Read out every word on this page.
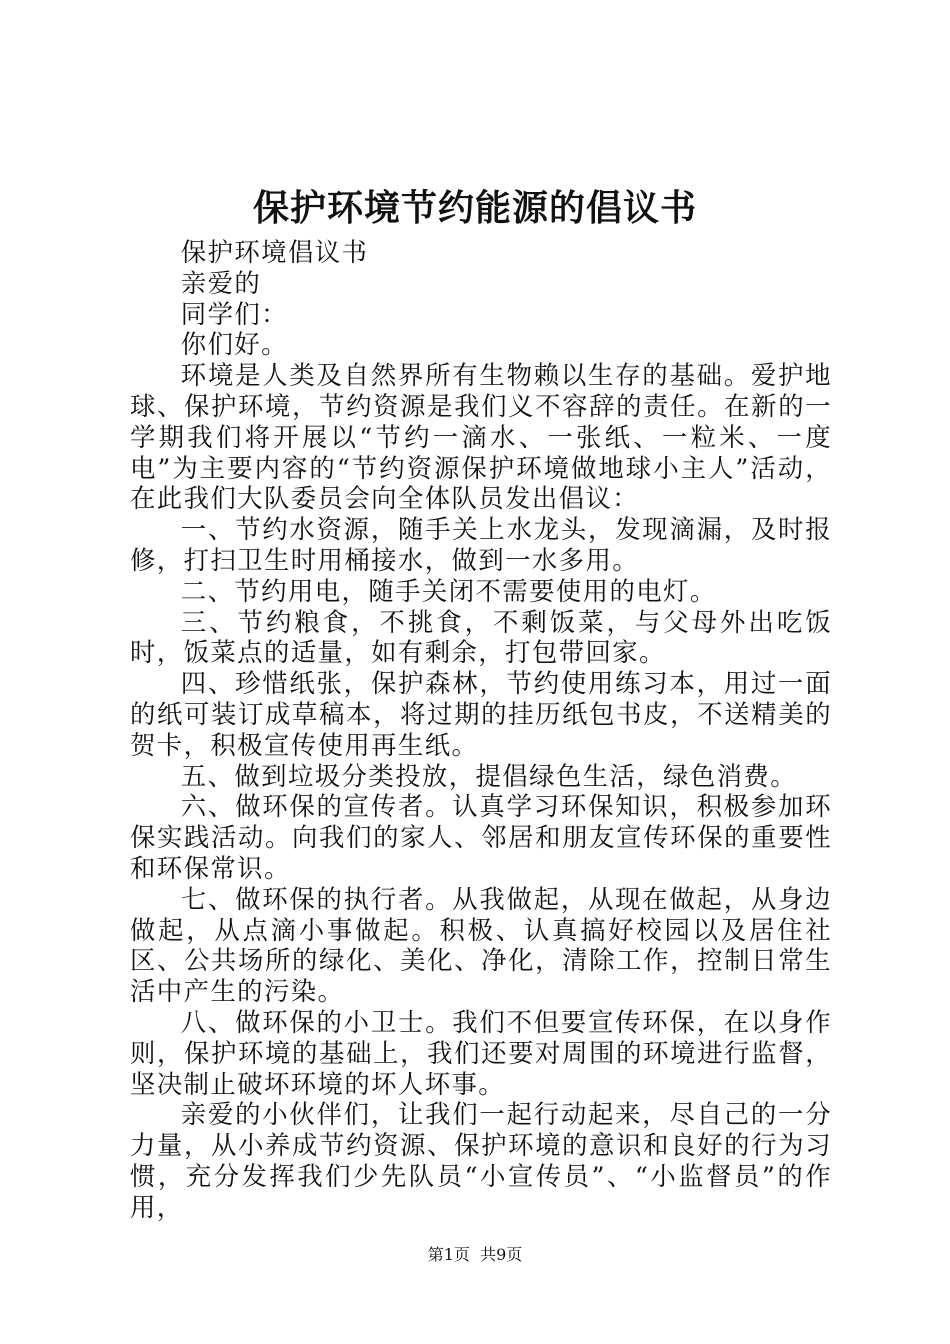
保护环境节约能源的倡议书

保护环境倡议书

亲爱的

同学们：

你们好。

环境是人类及自然界所有生物赖以生存的基础。爱护地球、保护环境，节约资源是我们义不容辞的责任。在新的一学期我们将开展以“节约一滴水、一张纸、一粒米、一度电”为主要内容的“节约资源保护环境做地球小主人”活动，在此我们大队委员会向全体队员发出倡议：

一、节约水资源，随手关上水龙头，发现滴漏，及时报修，打扫卫生时用桶接水，做到一水多用。

二、节约用电，随手关闭不需要使用的电灯。

三、节约粮食，不挑食，不剩饭菜，与父母外出吃饭时，饭菜点的适量，如有剩余，打包带回家。

四、珍惜纸张，保护森林，节约使用练习本，用过一面的纸可装订成草稿本，将过期的挂历纸包书皮，不送精美的贺卡，积极宣传使用再生纸。

五、做到垃圾分类投放，提倡绿色生活，绿色消费。

六、做环保的宣传者。认真学习环保知识，积极参加环保实践活动。向我们的家人、邻居和朋友宣传环保的重要性和环保常识。

七、做环保的执行者。从我做起，从现在做起，从身边做起，从点滴小事做起。积极、认真搞好校园以及居住社区、公共场所的绿化、美化、净化，清除工作，控制日常生活中产生的污染。

八、做环保的小卫士。我们不但要宣传环保，在以身作则，保护环境的基础上，我们还要对周围的环境进行监督，坚决制止破坏环境的坏人坏事。

亲爱的小伙伴们，让我们一起行动起来，尽自己的一分力量，从小养成节约资源、保护环境的意识和良好的行为习惯，充分发挥我们少先队员“小宣传员”、“小监督员”的作用，

第1页  共9页
